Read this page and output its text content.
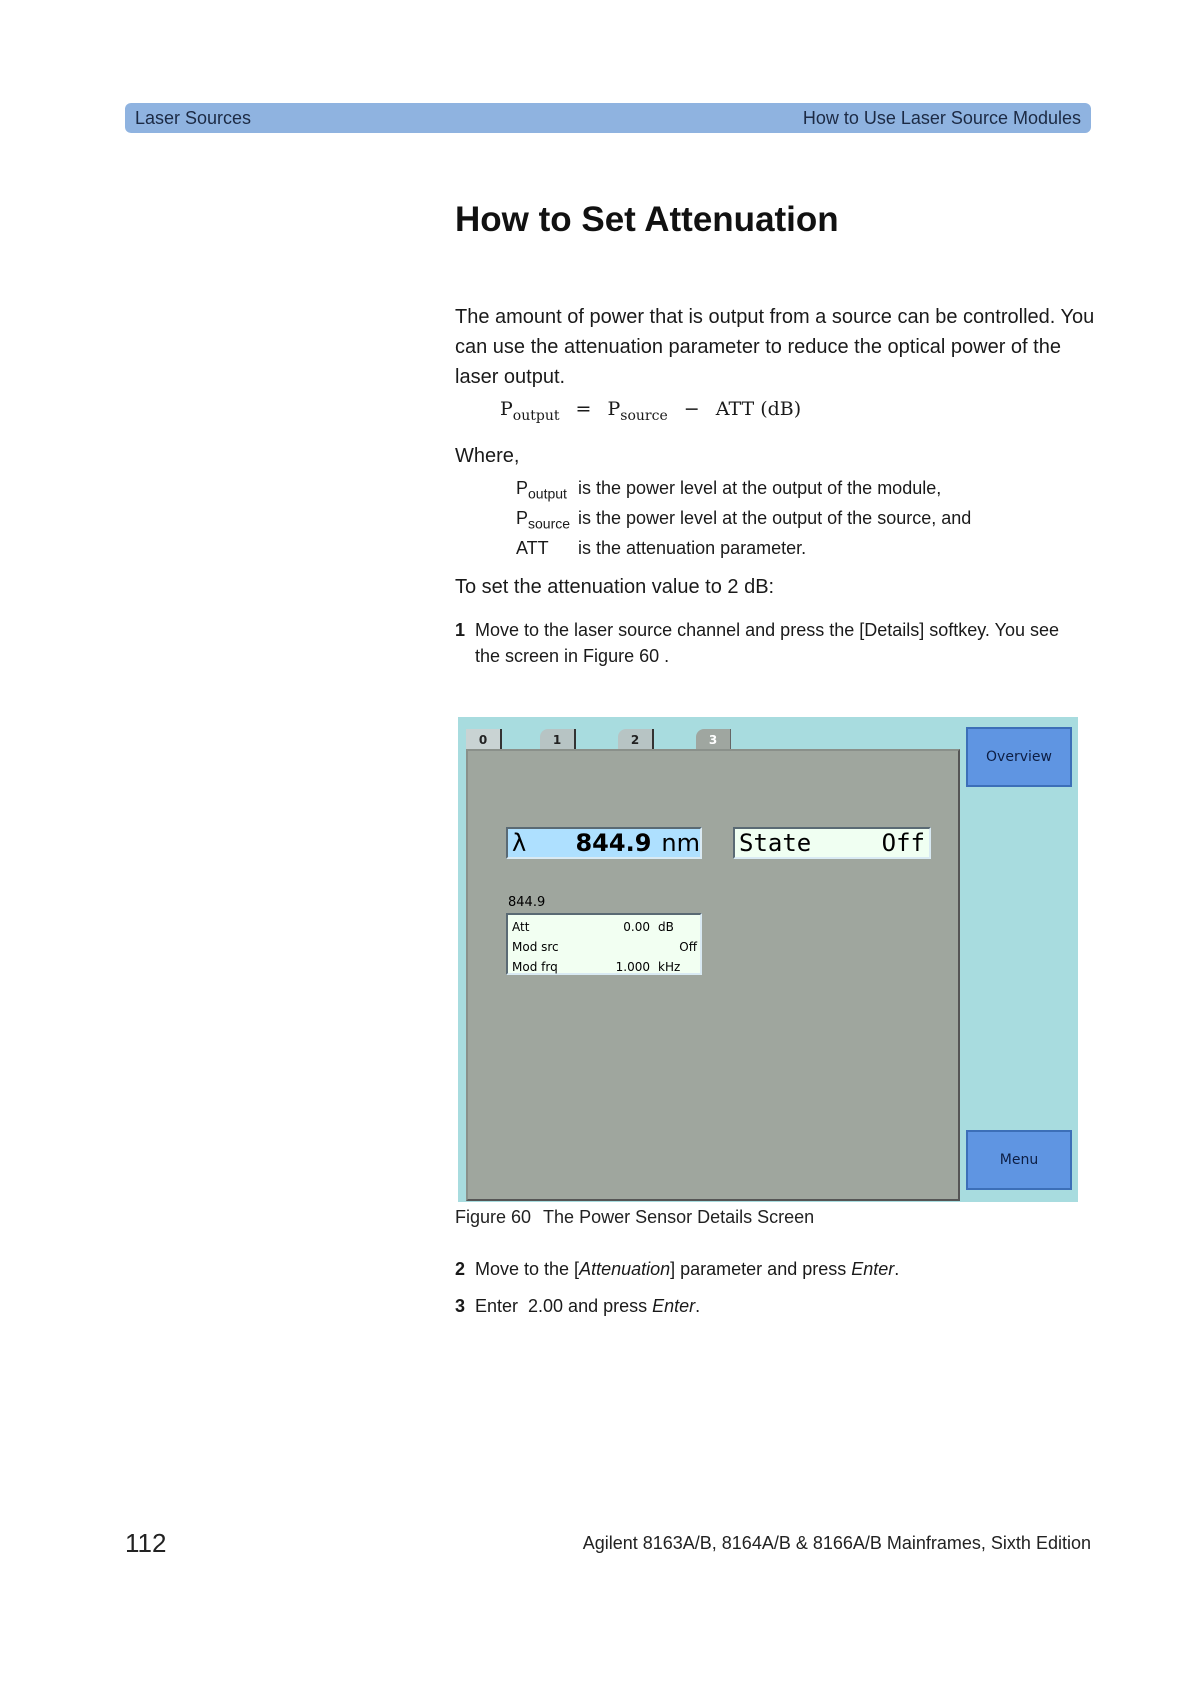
Laser Sources	How to Use Laser Source Modules
How to Set Attenuation

The amount of power that is output from a source can be controlled. You can use the attenuation parameter to reduce the optical power of the laser output.

$P_{output} = P_{source}$ − ATT (dB)
Where,
$P_{output}$ is the power level at the output of the module,
$P_{source}$ is the power level at the output of the source, and
ATT	is the attenuation parameter.
To set the attenuation value to 2 dB:
1 Move to the laser source channel and press the [Details] softkey. You see the screen in Figure 60 .
0	1	2	3
λ	844.9 nm State	Off
844.9
Att	0.00 dB
Mod src	Off
Mod frq	1.000 kHz
Overview
Menu
Figure 60 The Power Sensor Details Screen
2 Move to the [Attenuation] parameter and press Enter.
3 Enter  2.00 and press Enter.
112	Agilent 8163A/B, 8164A/B & 8166A/B Mainframes, Sixth Edition
